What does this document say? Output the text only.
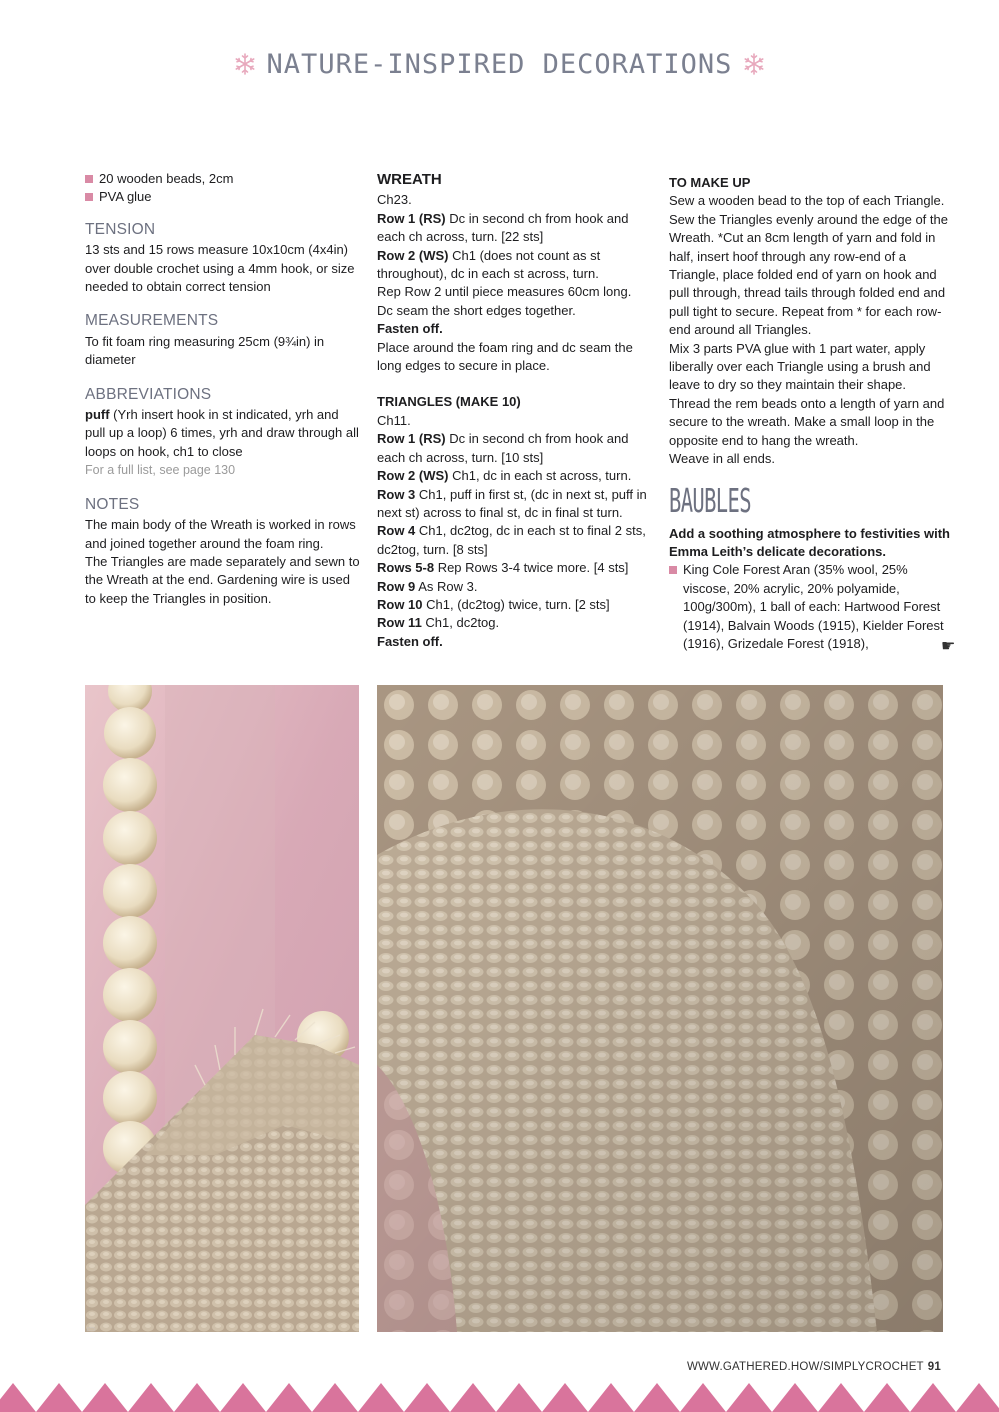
NATURE-INSPIRED DECORATIONS
20 wooden beads, 2cm
PVA glue
TENSION
13 sts and 15 rows measure 10x10cm (4x4in) over double crochet using a 4mm hook, or size needed to obtain correct tension
MEASUREMENTS
To fit foam ring measuring 25cm (9¾in) in diameter
ABBREVIATIONS
puff (Yrh insert hook in st indicated, yrh and pull up a loop) 6 times, yrh and draw through all loops on hook, ch1 to close
For a full list, see page 130
NOTES
The main body of the Wreath is worked in rows and joined together around the foam ring.
The Triangles are made separately and sewn to the Wreath at the end. Gardening wire is used to keep the Triangles in position.
WREATH
Ch23.
Row 1 (RS) Dc in second ch from hook and each ch across, turn. [22 sts]
Row 2 (WS) Ch1 (does not count as st throughout), dc in each st across, turn.
Rep Row 2 until piece measures 60cm long.
Dc seam the short edges together.
Fasten off.
Place around the foam ring and dc seam the long edges to secure in place.
TRIANGLES (MAKE 10)
Ch11.
Row 1 (RS) Dc in second ch from hook and each ch across, turn. [10 sts]
Row 2 (WS) Ch1, dc in each st across, turn.
Row 3 Ch1, puff in first st, (dc in next st, puff in next st) across to final st, dc in final st turn.
Row 4 Ch1, dc2tog, dc in each st to final 2 sts, dc2tog, turn. [8 sts]
Rows 5-8 Rep Rows 3-4 twice more. [4 sts]
Row 9 As Row 3.
Row 10 Ch1, (dc2tog) twice, turn. [2 sts]
Row 11 Ch1, dc2tog.
Fasten off.
TO MAKE UP
Sew a wooden bead to the top of each Triangle.
Sew the Triangles evenly around the edge of the Wreath. *Cut an 8cm length of yarn and fold in half, insert hoof through any row-end of a Triangle, place folded end of yarn on hook and pull through, thread tails through folded end and pull tight to secure. Repeat from * for each row-end around all Triangles.
Mix 3 parts PVA glue with 1 part water, apply liberally over each Triangle using a brush and leave to dry so they maintain their shape.
Thread the rem beads onto a length of yarn and secure to the wreath. Make a small loop in the opposite end to hang the wreath.
Weave in all ends.
BAUBLES
Add a soothing atmosphere to festivities with Emma Leith’s delicate decorations.
King Cole Forest Aran (35% wool, 25% viscose, 20% acrylic, 20% polyamide, 100g/300m), 1 ball of each: Hartwood Forest (1914), Balvain Woods (1915), Kielder Forest (1916), Grizedale Forest (1918),	☛
▭
WWW.GATHERED.HOW/SIMPLYCROCHET 91
